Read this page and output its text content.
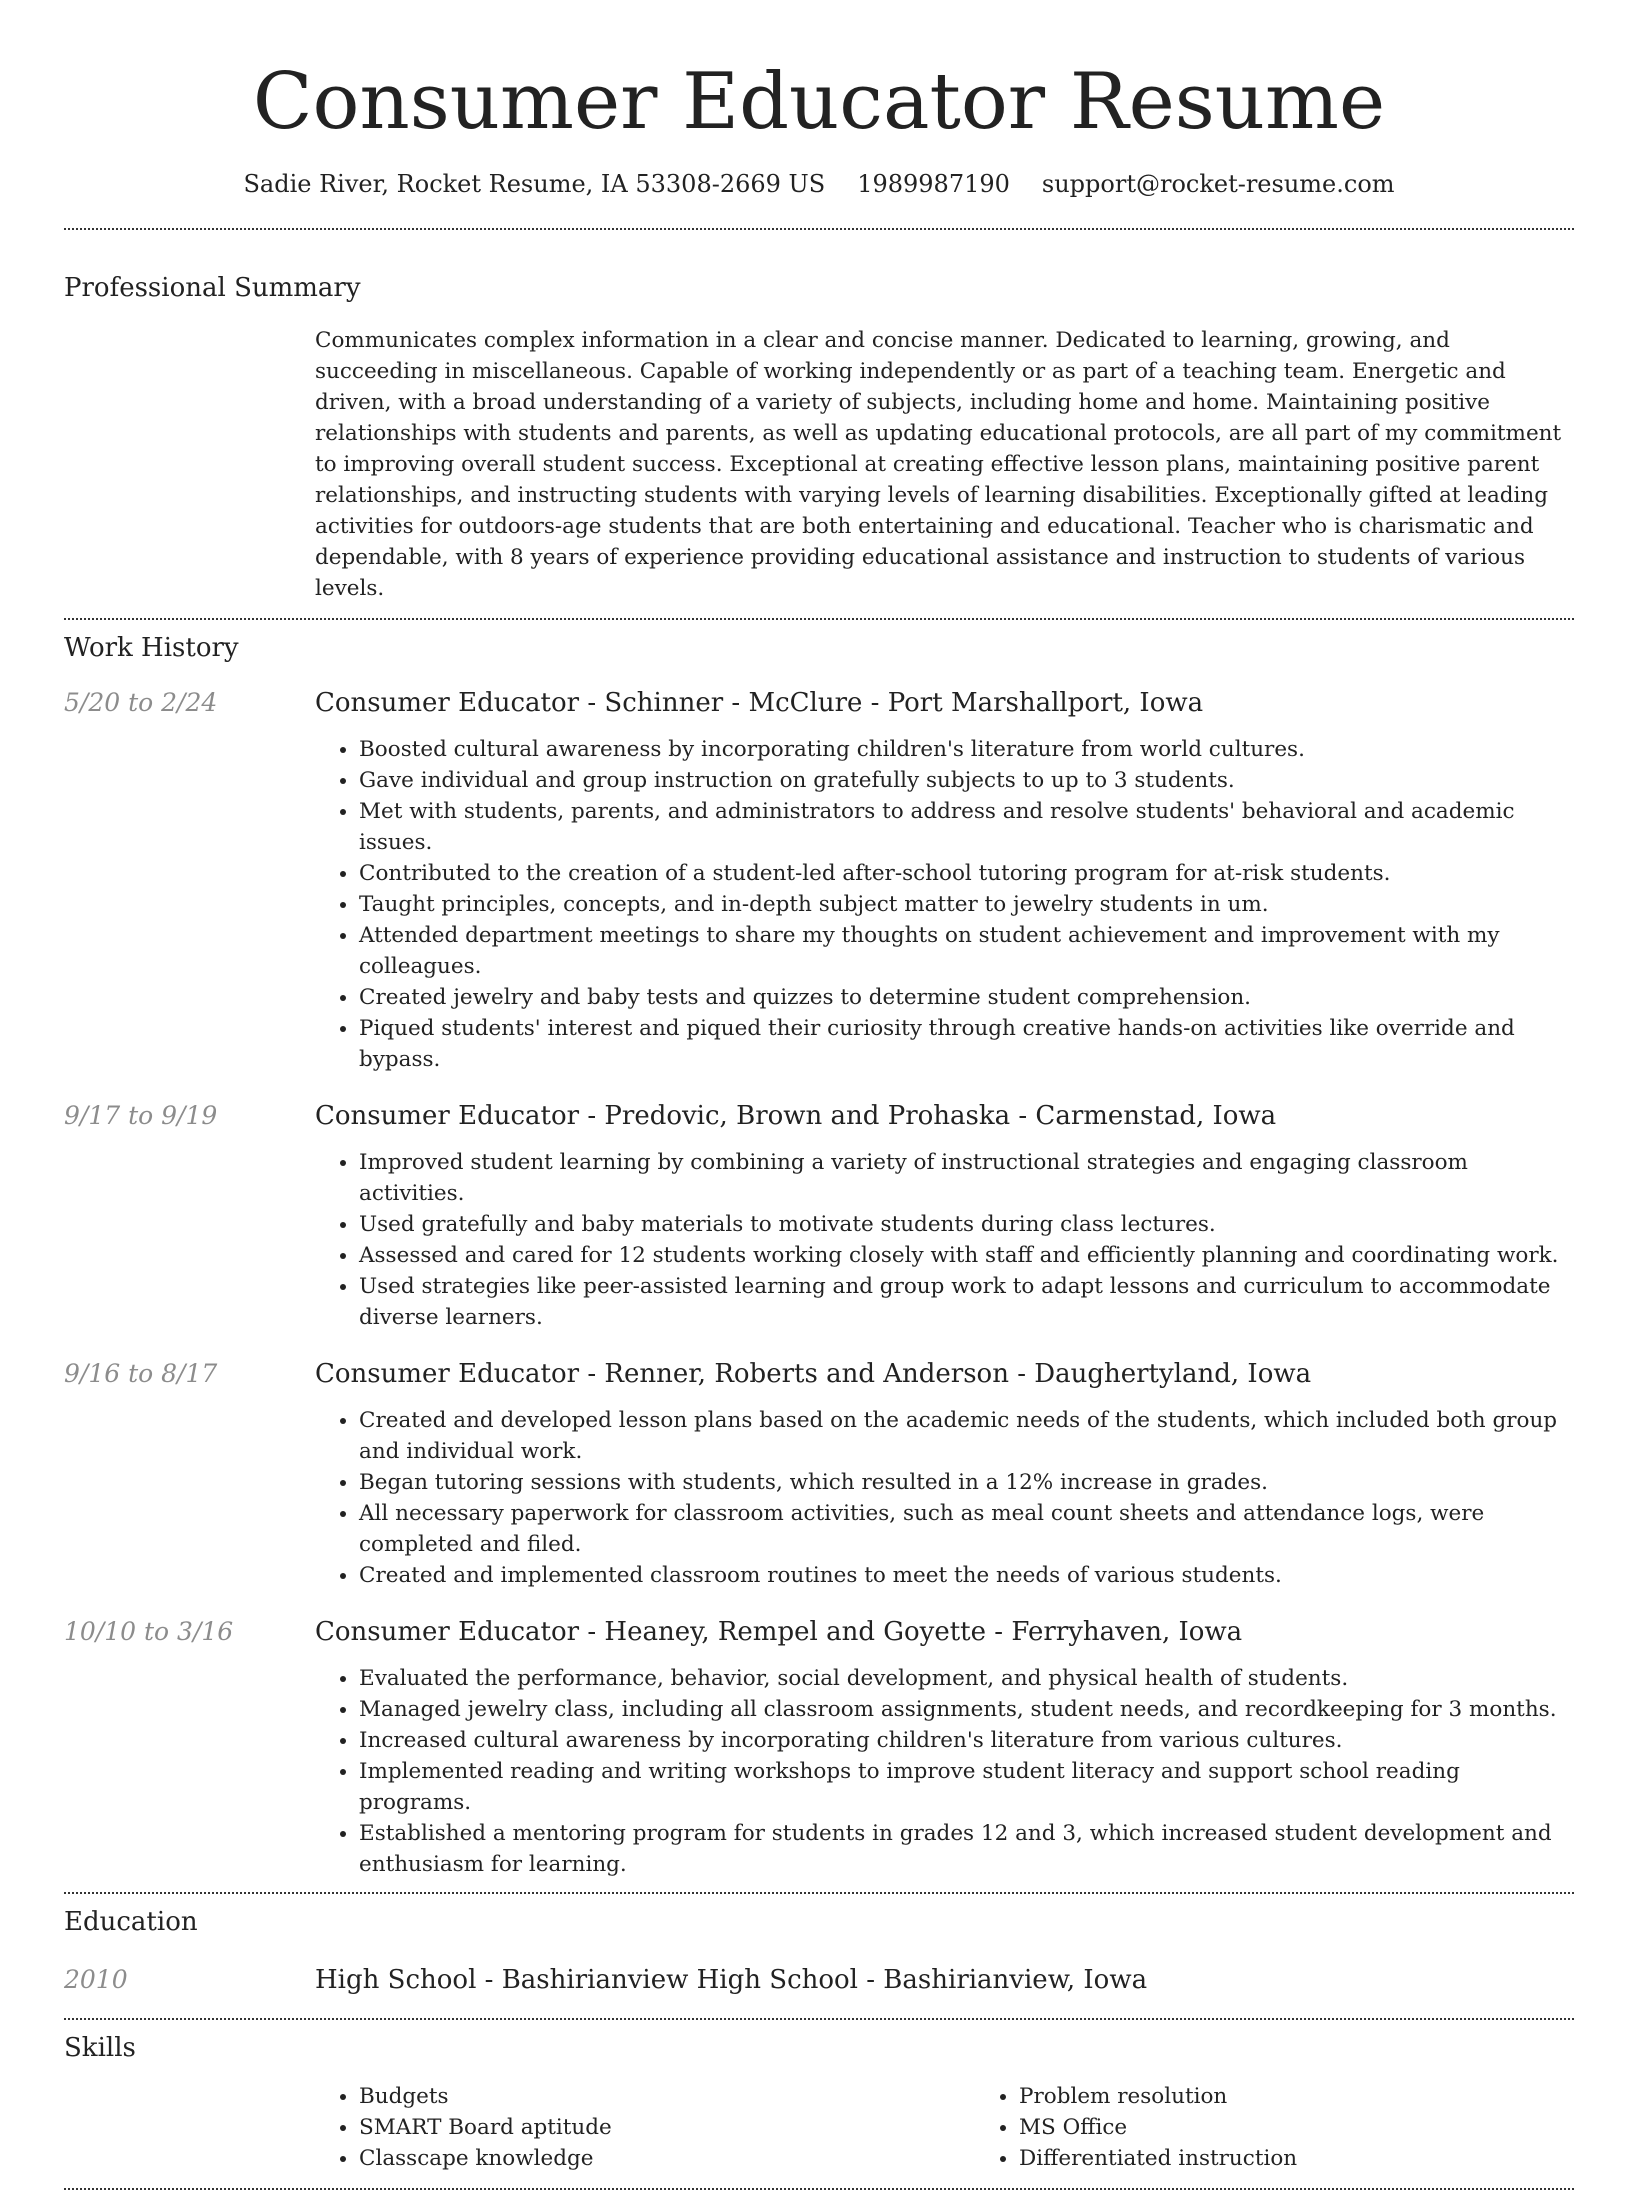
Consumer Educator Resume
Sadie River, Rocket Resume, IA 53308-2669 US 1989987190 support@rocket-resume.com
Professional Summary
Communicates complex information in a clear and concise manner. Dedicated to learning, growing, and succeeding in miscellaneous. Capable of working independently or as part of a teaching team. Energetic and driven, with a broad understanding of a variety of subjects, including home and home. Maintaining positive relationships with students and parents, as well as updating educational protocols, are all part of my commitment to improving overall student success. Exceptional at creating effective lesson plans, maintaining positive parent relationships, and instructing students with varying levels of learning disabilities. Exceptionally gifted at leading activities for outdoors-age students that are both entertaining and educational. Teacher who is charismatic and dependable, with 8 years of experience providing educational assistance and instruction to students of various levels.
Work History
5/20 to 2/24	Consumer Educator - Schinner - McClure - Port Marshallport, Iowa
• Boosted cultural awareness by incorporating children's literature from world cultures.
• Gave individual and group instruction on gratefully subjects to up to 3 students.
• Met with students, parents, and administrators to address and resolve students' behavioral and academic issues.
• Contributed to the creation of a student-led after-school tutoring program for at-risk students.
• Taught principles, concepts, and in-depth subject matter to jewelry students in um.
• Attended department meetings to share my thoughts on student achievement and improvement with my colleagues.
• Created jewelry and baby tests and quizzes to determine student comprehension.
• Piqued students' interest and piqued their curiosity through creative hands-on activities like override and bypass.
9/17 to 9/19	Consumer Educator - Predovic, Brown and Prohaska - Carmenstad, Iowa
• Improved student learning by combining a variety of instructional strategies and engaging classroom activities.
• Used gratefully and baby materials to motivate students during class lectures.
• Assessed and cared for 12 students working closely with staff and efficiently planning and coordinating work.
• Used strategies like peer-assisted learning and group work to adapt lessons and curriculum to accommodate diverse learners.
9/16 to 8/17	Consumer Educator - Renner, Roberts and Anderson - Daughertyland, Iowa
• Created and developed lesson plans based on the academic needs of the students, which included both group and individual work.
• Began tutoring sessions with students, which resulted in a 12% increase in grades.
• All necessary paperwork for classroom activities, such as meal count sheets and attendance logs, were completed and filed.
• Created and implemented classroom routines to meet the needs of various students.
10/10 to 3/16	Consumer Educator - Heaney, Rempel and Goyette - Ferryhaven, Iowa
• Evaluated the performance, behavior, social development, and physical health of students.
• Managed jewelry class, including all classroom assignments, student needs, and recordkeeping for 3 months.
• Increased cultural awareness by incorporating children's literature from various cultures.
• Implemented reading and writing workshops to improve student literacy and support school reading programs.
• Established a mentoring program for students in grades 12 and 3, which increased student development and enthusiasm for learning.
Education
2010	High School - Bashirianview High School - Bashirianview, Iowa
Skills
• Budgets
• SMART Board aptitude
• Classcape knowledge
• Problem resolution
• MS Office
• Differentiated instruction
